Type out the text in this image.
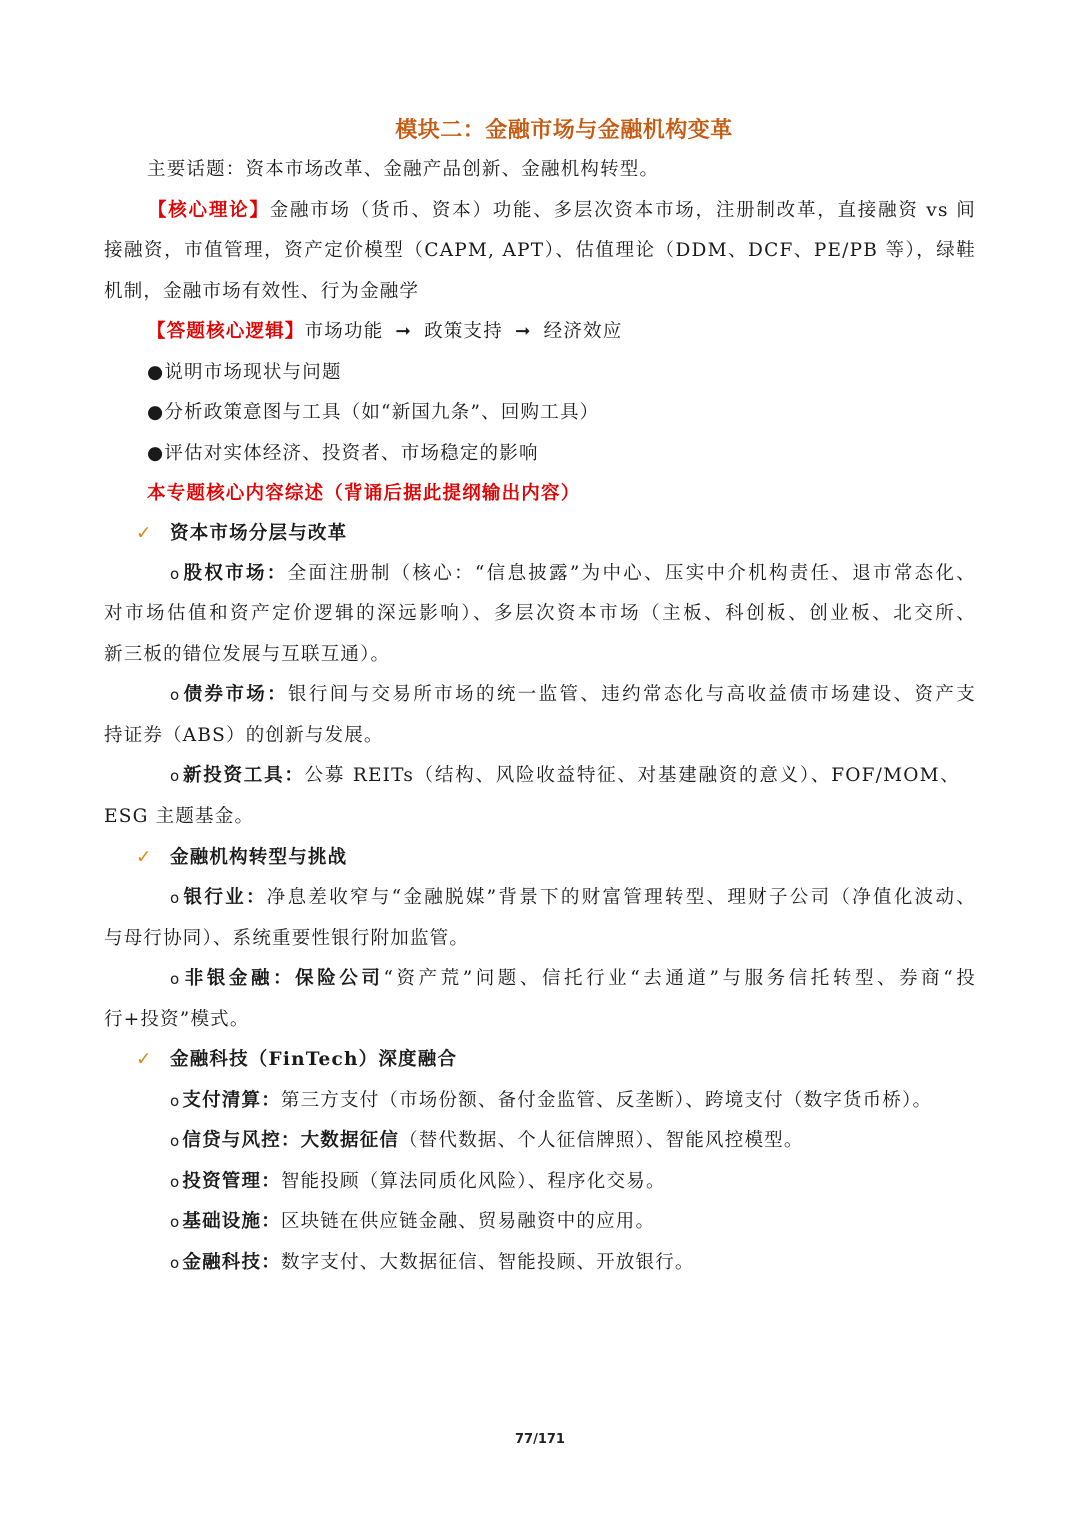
模块二：金融市场与金融机构变革
主要话题：资本市场改革、金融产品创新、金融机构转型。
【核心理论】金融市场（货币、资本）功能、多层次资本市场，注册制改革，直接融资 vs 间
接融资，市值管理，资产定价模型（CAPM, APT）、估值理论（DDM、DCF、PE/PB 等），绿鞋
机制，金融市场有效性、行为金融学
【答题核心逻辑】市场功能 ➞ 政策支持 ➞ 经济效应
●说明市场现状与问题
●分析政策意图与工具（如“新国九条”、回购工具）
●评估对实体经济、投资者、市场稳定的影响
本专题核心内容综述（背诵后据此提纲输出内容）
✓ 资本市场分层与改革
o 股权市场：全面注册制（核心：“信息披露”为中心、压实中介机构责任、退市常态化、
对市场估值和资产定价逻辑的深远影响）、多层次资本市场（主板、科创板、创业板、北交所、
新三板的错位发展与互联互通）。
o 债券市场：银行间与交易所市场的统一监管、违约常态化与高收益债市场建设、资产支
持证券（ABS）的创新与发展。
o 新投资工具：公募 REITs（结构、风险收益特征、对基建融资的意义）、FOF/MOM、
ESG 主题基金。
✓ 金融机构转型与挑战
o 银行业：净息差收窄与“金融脱媒”背景下的财富管理转型、理财子公司（净值化波动、
与母行协同）、系统重要性银行附加监管。
o 非银金融：保险公司“资产荒”问题、信托行业“去通道”与服务信托转型、券商“投
行+投资”模式。
✓ 金融科技（FinTech）深度融合
o 支付清算：第三方支付（市场份额、备付金监管、反垄断）、跨境支付（数字货币桥）。
o 信贷与风控：大数据征信（替代数据、个人征信牌照）、智能风控模型。
o 投资管理：智能投顾（算法同质化风险）、程序化交易。
o 基础设施：区块链在供应链金融、贸易融资中的应用。
o 金融科技：数字支付、大数据征信、智能投顾、开放银行。
77/171
